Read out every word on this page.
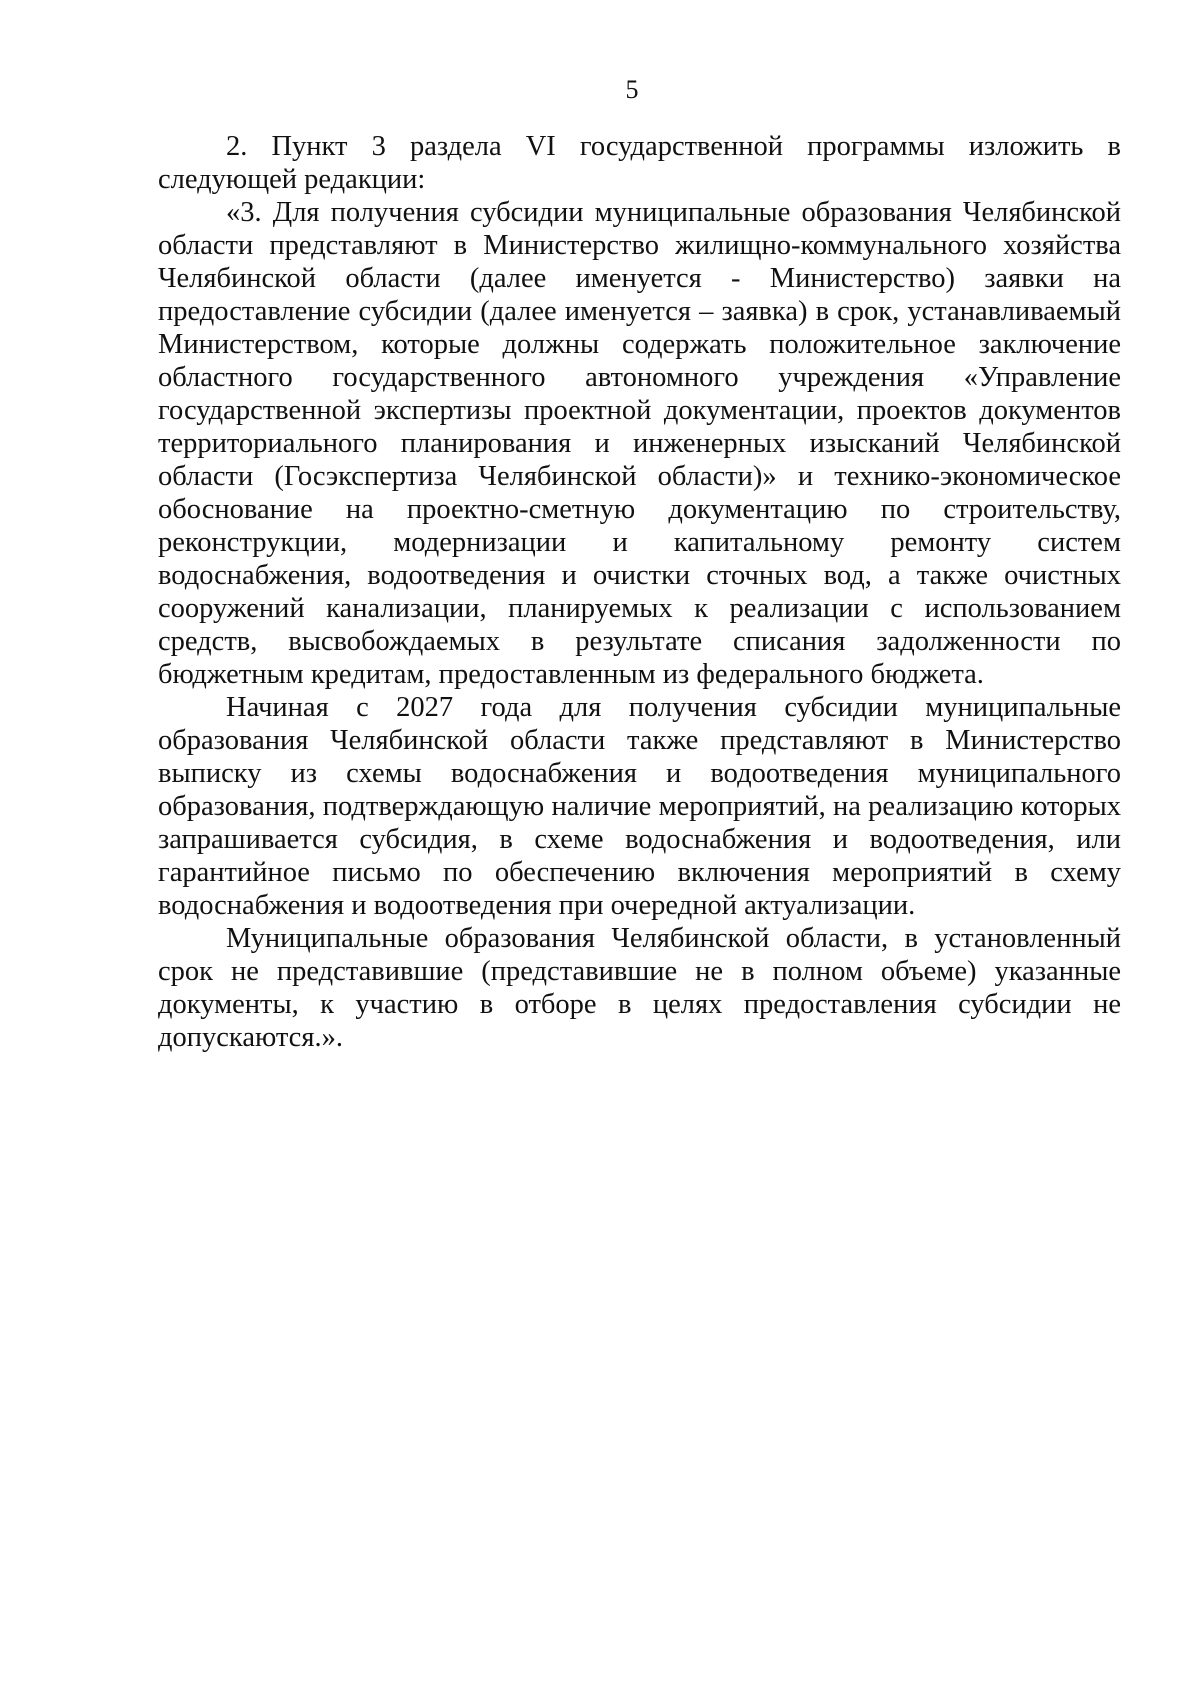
5

2. Пункт 3 раздела VI государственной программы изложить в следующей редакции:

«3. Для получения субсидии муниципальные образования Челябинской области представляют в Министерство жилищно-коммунального хозяйства Челябинской области (далее именуется - Министерство) заявки на предоставление субсидии (далее именуется – заявка) в срок, устанавливаемый Министерством, которые должны содержать положительное заключение областного государственного автономного учреждения «Управление государственной экспертизы проектной документации, проектов документов территориального планирования и инженерных изысканий Челябинской области (Госэкспертиза Челябинской области)» и технико-экономическое обоснование на проектно-сметную документацию по строительству, реконструкции, модернизации и капитальному ремонту систем водоснабжения, водоотведения и очистки сточных вод, а также очистных сооружений канализации, планируемых к реализации с использованием средств, высвобождаемых в результате списания задолженности по бюджетным кредитам, предоставленным из федерального бюджета.

Начиная с 2027 года для получения субсидии муниципальные образования Челябинской области также представляют в Министерство выписку из схемы водоснабжения и водоотведения муниципального образования, подтверждающую наличие мероприятий, на реализацию которых запрашивается субсидия, в схеме водоснабжения и водоотведения, или гарантийное письмо по обеспечению включения мероприятий в схему водоснабжения и водоотведения при очередной актуализации.

Муниципальные образования Челябинской области, в установленный срок не представившие (представившие не в полном объеме) указанные документы, к участию в отборе в целях предоставления субсидии не допускаются.».
